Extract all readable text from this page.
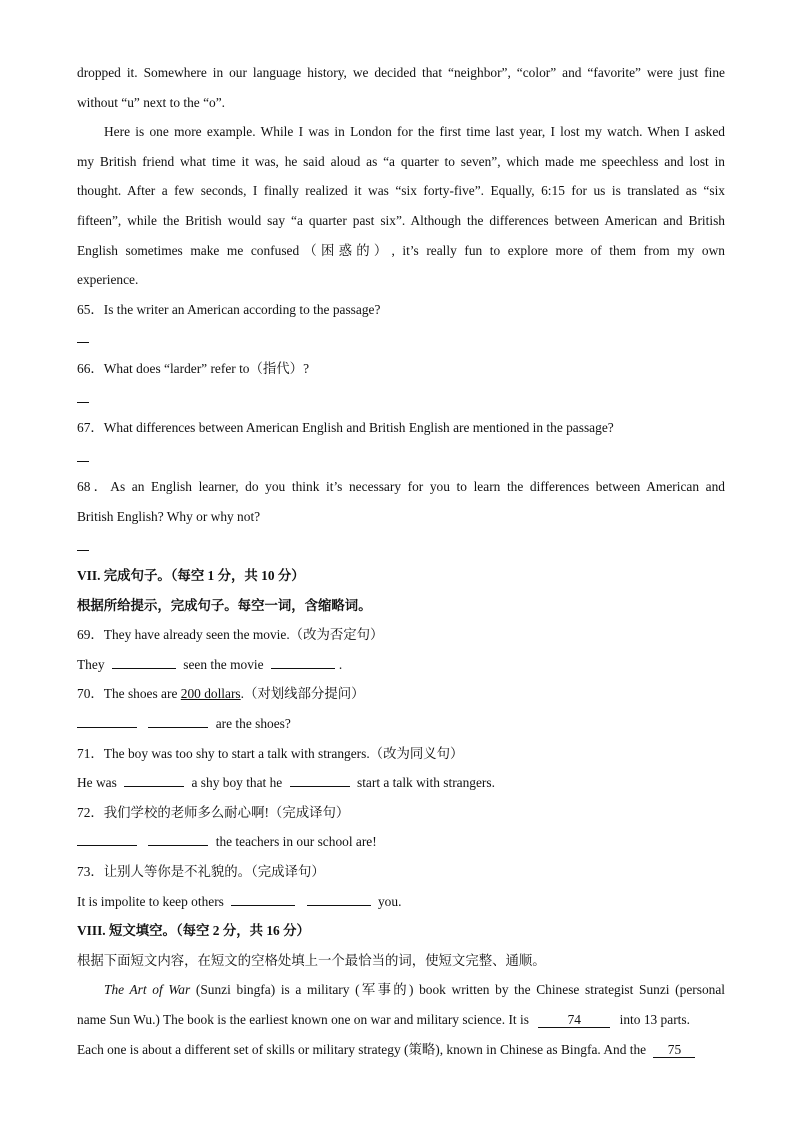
dropped it. Somewhere in our language history, we decided that “neighbor”, “color” and “favorite” were just fine
without “u” next to the “o”.
Here is one more example. While I was in London for the first time last year, I lost my watch. When I asked
my British friend what time it was, he said aloud as “a quarter to seven”, which made me speechless and lost in
thought. After a few seconds, I finally realized it was “six forty-five”. Equally, 6:15 for us is translated as “six
fifteen”, while the British would say “a quarter past six”. Although the differences between American and British
English sometimes make me confused（困惑的）, it’s really fun to explore more of them from my own
experience.
65．Is the writer an American according to the passage?
66．What does “larder” refer to（指代）?
67．What differences between American English and British English are mentioned in the passage?
68．As an English learner, do you think it’s necessary for you to learn the differences between American and
British English? Why or why not?
VII. 完成句子。（每空 1 分，共 10 分）
根据所给提示，完成句子。每空一词，含缩略词。
69．They have already seen the movie.（改为否定句）
They	seen the movie	.
70．The shoes are 200 dollars.（对划线部分提问）
are the shoes?
71．The boy was too shy to start a talk with strangers.（改为同义句）
He was	a shy boy that he	start a talk with strangers.
72．我们学校的老师多么耐心啊!（完成译句）
the teachers in our school are!
73．让别人等你是不礼貌的。（完成译句）
It is impolite to keep others	you.
VIII. 短文填空。（每空 2 分，共 16 分）
根据下面短文内容，在短文的空格处填上一个最恰当的词，使短文完整、通顺。
The Art of War (Sunzi bingfa) is a military (军事的) book written by the Chinese strategist Sunzi (personal
name Sun Wu.) The book is the earliest known one on war and military science. It is	74	into 13 parts.
Each one is about a different set of skills or military strategy (策略), known in Chinese as Bingfa. And the 75
